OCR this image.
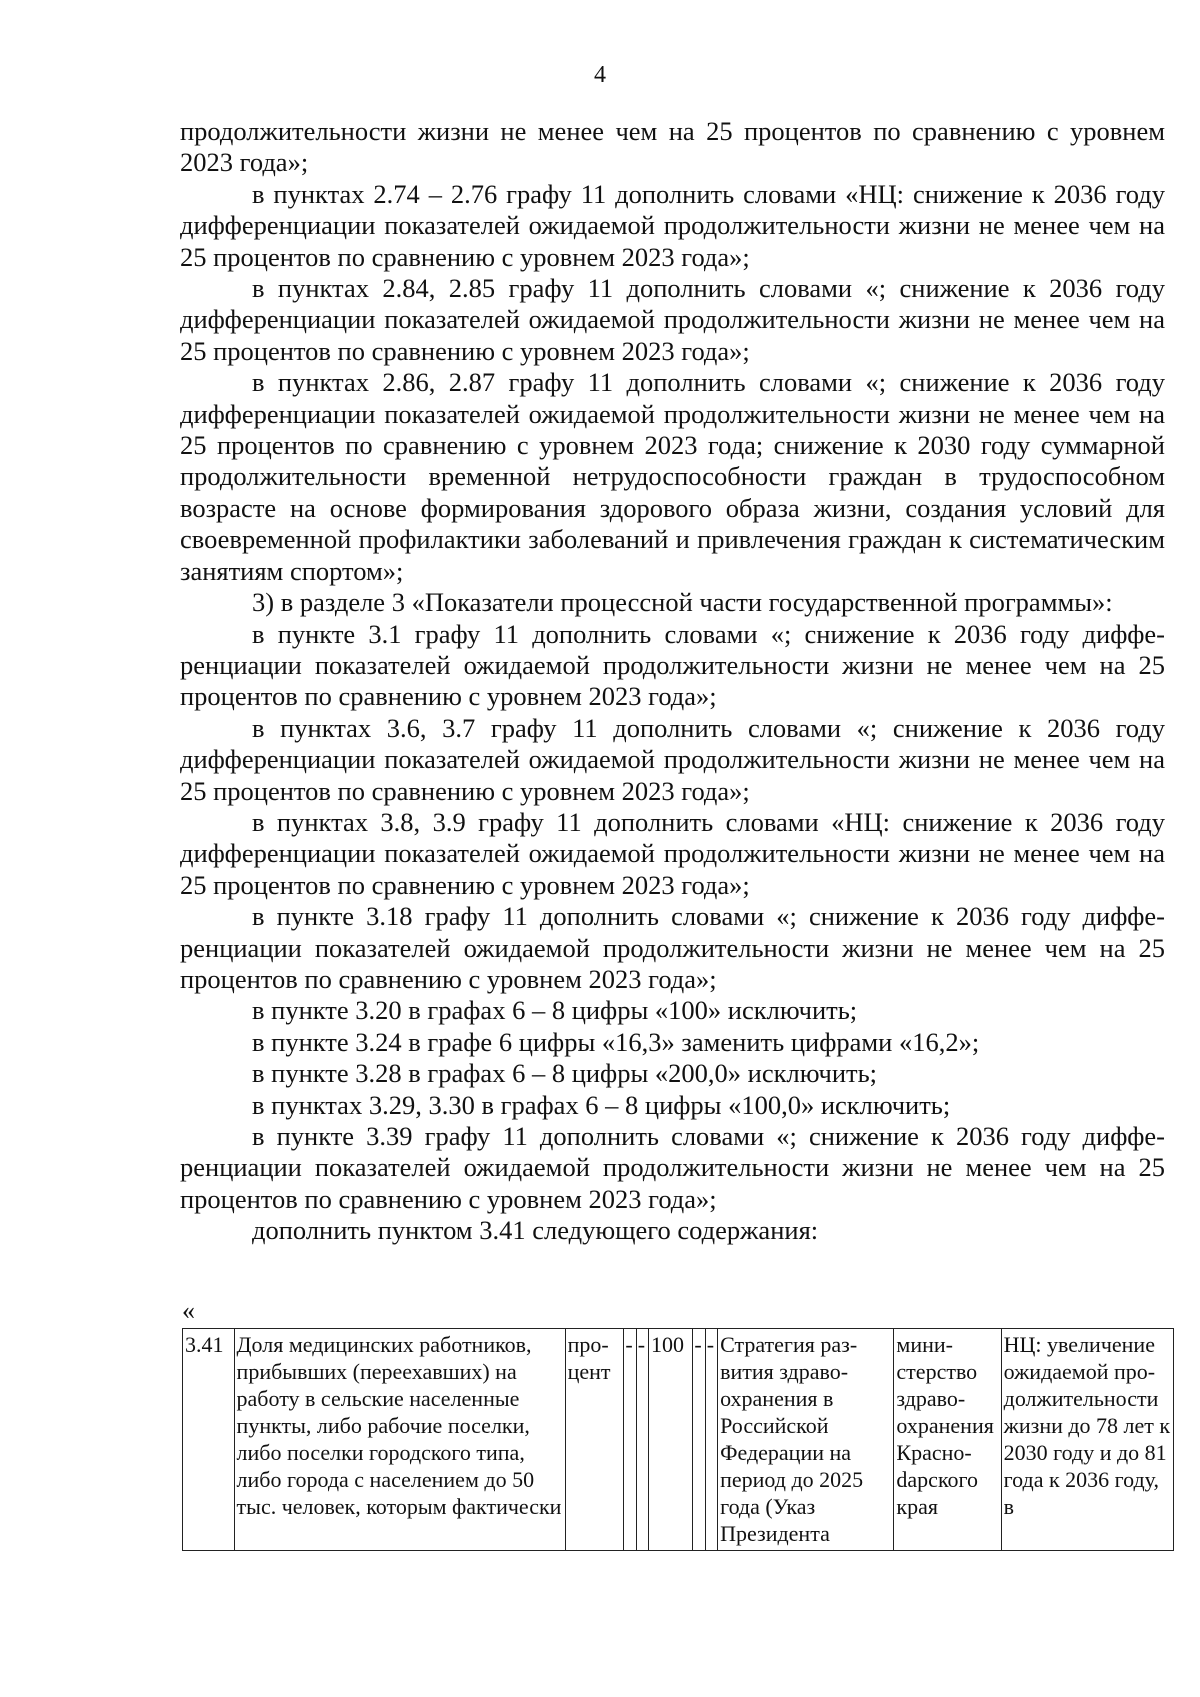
4

продолжительности жизни не менее чем на 25 процентов по сравнению с уровнем 2023 года»;

в пунктах 2.74 – 2.76 графу 11 дополнить словами «НЦ: снижение к 2036 году дифференциации показателей ожидаемой продолжительности жизни не менее чем на 25 процентов по сравнению с уровнем 2023 года»;

в пунктах 2.84, 2.85 графу 11 дополнить словами «; снижение к 2036 году дифференциации показателей ожидаемой продолжительности жизни не менее чем на 25 процентов по сравнению с уровнем 2023 года»;

в пунктах 2.86, 2.87 графу 11 дополнить словами «; снижение к 2036 году дифференциации показателей ожидаемой продолжительности жизни не менее чем на 25 процентов по сравнению с уровнем 2023 года; снижение к 2030 году суммарной продолжительности временной нетрудоспособности граждан в трудоспособном возрасте на основе формирования здорового образа жизни, создания условий для своевременной профилактики заболеваний и привлечения граждан к систематическим занятиям спортом»;

3) в разделе 3 «Показатели процессной части государственной программы»:

в пункте 3.1 графу 11 дополнить словами «; снижение к 2036 году дифференциации показателей ожидаемой продолжительности жизни не менее чем на 25 процентов по сравнению с уровнем 2023 года»;

в пунктах 3.6, 3.7 графу 11 дополнить словами «; снижение к 2036 году дифференциации показателей ожидаемой продолжительности жизни не менее чем на 25 процентов по сравнению с уровнем 2023 года»;

в пунктах 3.8, 3.9 графу 11 дополнить словами «НЦ: снижение к 2036 году дифференциации показателей ожидаемой продолжительности жизни не менее чем на 25 процентов по сравнению с уровнем 2023 года»;

в пункте 3.18 графу 11 дополнить словами «; снижение к 2036 году дифференциации показателей ожидаемой продолжительности жизни не менее чем на 25 процентов по сравнению с уровнем 2023 года»;

в пункте 3.20 в графах 6 – 8 цифры «100» исключить;

в пункте 3.24 в графе 6 цифры «16,3» заменить цифрами «16,2»;

в пункте 3.28 в графах 6 – 8 цифры «200,0» исключить;

в пунктах 3.29, 3.30 в графах 6 – 8 цифры «100,0» исключить;

в пункте 3.39 графу 11 дополнить словами «; снижение к 2036 году дифференциации показателей ожидаемой продолжительности жизни не менее чем на 25 процентов по сравнению с уровнем 2023 года»;

дополнить пунктом 3.41 следующего содержания:

«
3.41	Доля медицинских работников, прибывших (переехавших) на работу в сельские населенные пункты, либо рабочие поселки, либо поселки городского типа, либо города с населением до 50 тыс. человек, которым фактически	процент	-	-	100	-	-	Стратегия развития здравоохранения в Российской Федерации на период до 2025 года (Указ Президента	министерство здравоохранения Красноdарского края	НЦ: увеличение ожидаемой продолжительности жизни до 78 лет к 2030 году и до 81 года к 2036 году, в
